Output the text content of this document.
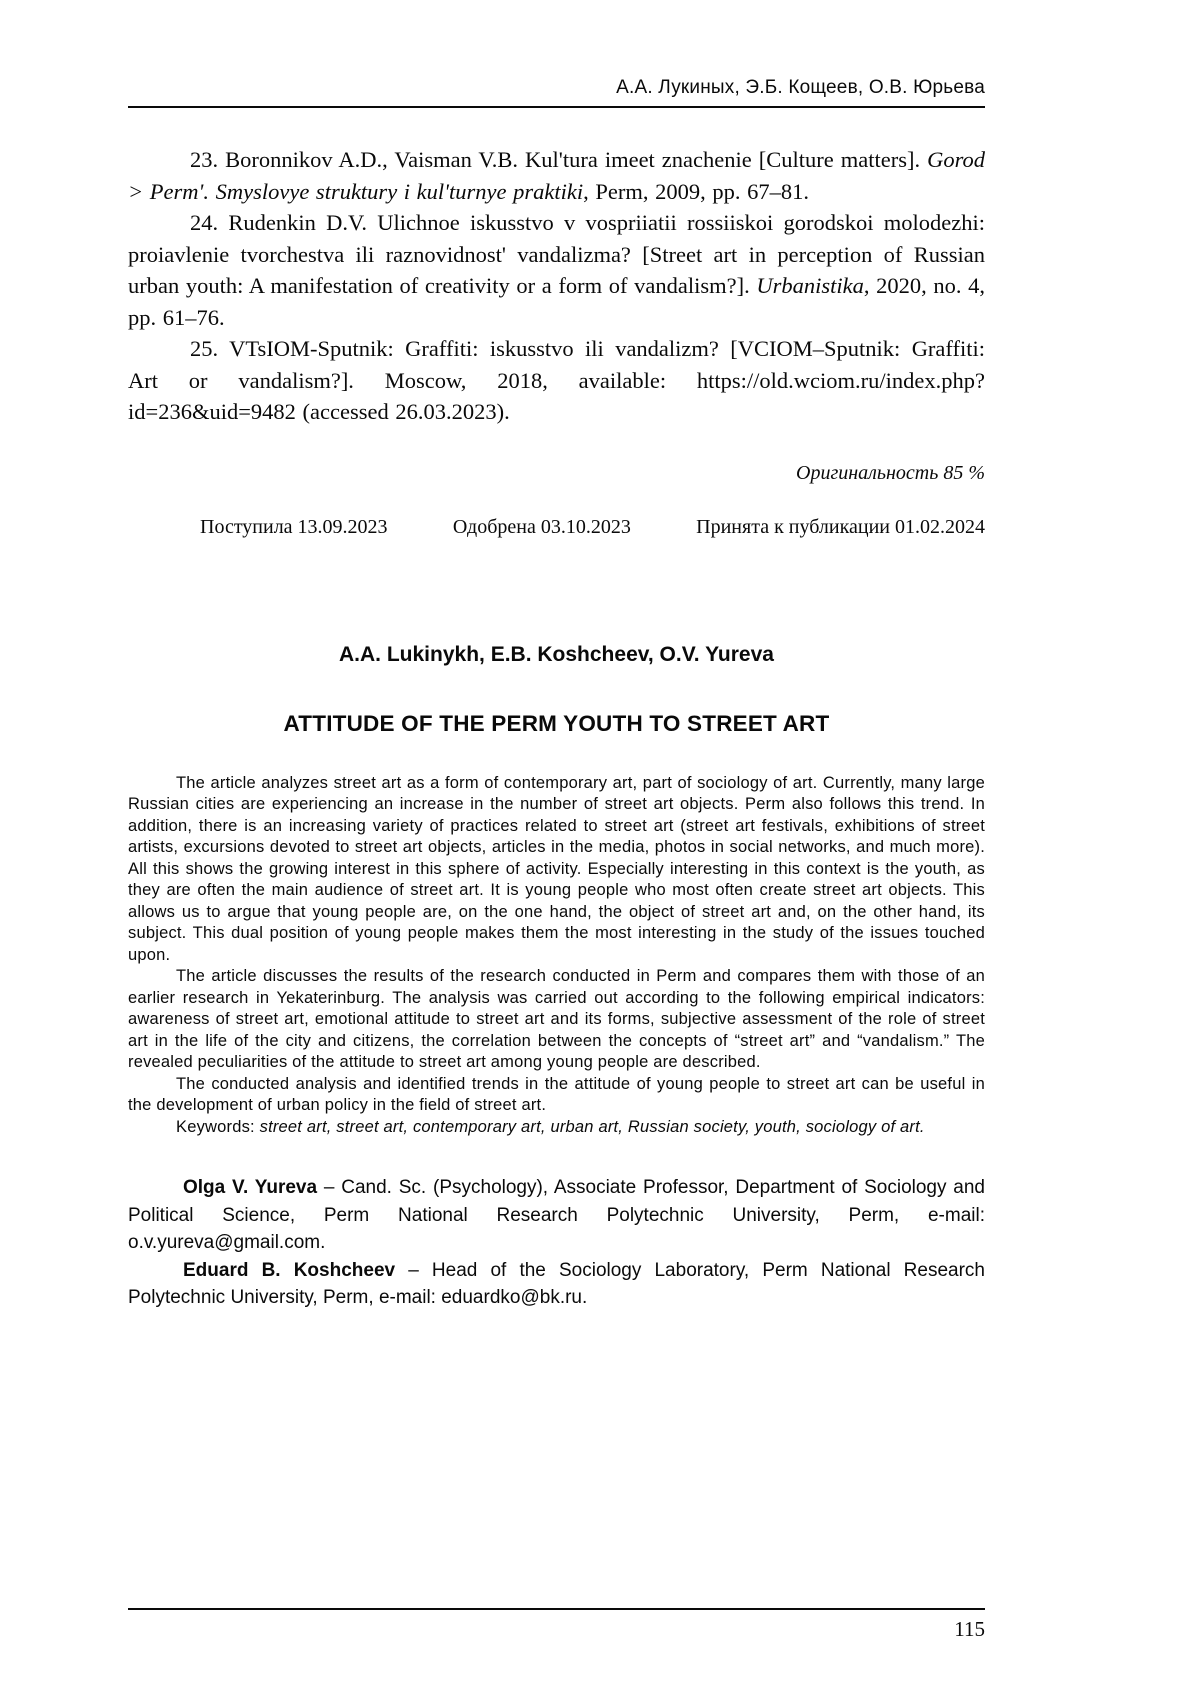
А.А. Лукиных, Э.Б. Кощеев, О.В. Юрьева

23. Boronnikov A.D., Vaisman V.B. Kul'tura imeet znachenie [Culture matters]. Gorod > Perm'. Smyslovye struktury i kul'turnye praktiki, Perm, 2009, pp. 67–81.

24. Rudenkin D.V. Ulichnoe iskusstvo v vospriiatii rossiiskoi gorodskoi molodezhi: proiavlenie tvorchestva ili raznovidnost' vandalizma? [Street art in perception of Russian urban youth: A manifestation of creativity or a form of vandalism?]. Urbanistika, 2020, no. 4, pp. 61–76.

25. VTsIOM-Sputnik: Graffiti: iskusstvo ili vandalizm? [VCIOM–Sputnik: Graffiti: Art or vandalism?]. Moscow, 2018, available: https://old.wciom.ru/index.php?id=236&uid=9482 (accessed 26.03.2023).

Оригинальность 85 %

Поступила 13.09.2023	Одобрена 03.10.2023	Принята к публикации 01.02.2024
A.A. Lukinykh, E.B. Koshcheev, O.V. Yureva
ATTITUDE OF THE PERM YOUTH TO STREET ART

The article analyzes street art as a form of contemporary art, part of sociology of art. Currently, many large Russian cities are experiencing an increase in the number of street art objects. Perm also follows this trend. In addition, there is an increasing variety of practices related to street art (street art festivals, exhibitions of street artists, excursions devoted to street art objects, articles in the media, photos in social networks, and much more). All this shows the growing interest in this sphere of activity. Especially interesting in this context is the youth, as they are often the main audience of street art. It is young people who most often create street art objects. This allows us to argue that young people are, on the one hand, the object of street art and, on the other hand, its subject. This dual position of young people makes them the most interesting in the study of the issues touched upon.

The article discusses the results of the research conducted in Perm and compares them with those of an earlier research in Yekaterinburg. The analysis was carried out according to the following empirical indicators: awareness of street art, emotional attitude to street art and its forms, subjective assessment of the role of street art in the life of the city and citizens, the correlation between the concepts of “street art” and “vandalism.” The revealed peculiarities of the attitude to street art among young people are described.

The conducted analysis and identified trends in the attitude of young people to street art can be useful in the development of urban policy in the field of street art.

Keywords: street art, street art, contemporary art, urban art, Russian society, youth, sociology of art.

Olga V. Yureva – Cand. Sc. (Psychology), Associate Professor, Department of Sociology and Political Science, Perm National Research Polytechnic University, Perm, e-mail: o.v.yureva@gmail.com.

Eduard B. Koshcheev – Head of the Sociology Laboratory, Perm National Research Polytechnic University, Perm, e-mail: eduardko@bk.ru.

115
